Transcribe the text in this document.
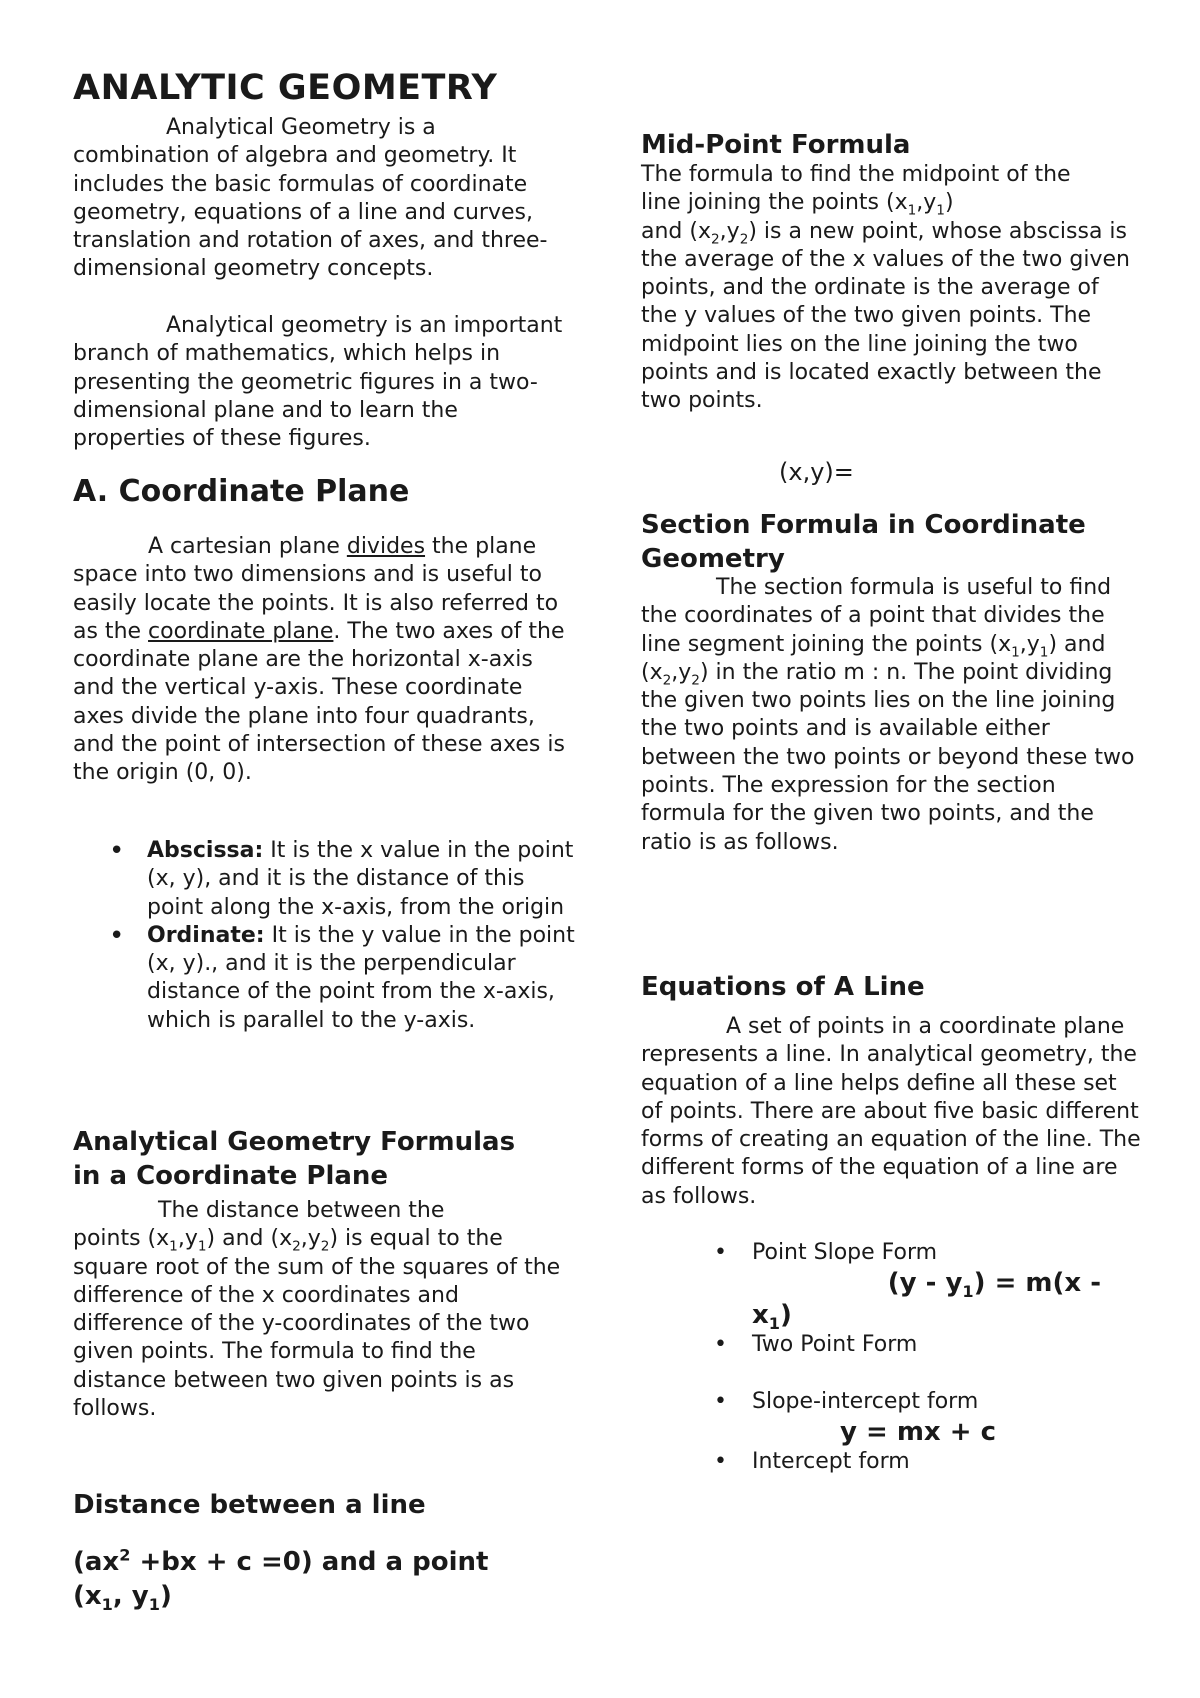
ANALYTIC GEOMETRY

Analytical Geometry is a combination of algebra and geometry. It includes the basic formulas of coordinate geometry, equations of a line and curves, translation and rotation of axes, and three-dimensional geometry concepts.

Analytical geometry is an important branch of mathematics, which helps in presenting the geometric figures in a two-dimensional plane and to learn the properties of these figures.

A. Coordinate Plane

A cartesian plane divides the plane space into two dimensions and is useful to easily locate the points. It is also referred to as the coordinate plane. The two axes of the coordinate plane are the horizontal x-axis and the vertical y-axis. These coordinate axes divide the plane into four quadrants, and the point of intersection of these axes is the origin (0, 0).

• Abscissa: It is the x value in the point (x, y), and it is the distance of this point along the x-axis, from the origin
• Ordinate: It is the y value in the point (x, y)., and it is the perpendicular distance of the point from the x-axis, which is parallel to the y-axis.
Analytical Geometry Formulas
in a Coordinate Plane

The distance between the

points $(x_1,y_1)$ and $(x_2,y_2)$ is equal to the square root of the sum of the squares of the difference of the x coordinates and difference of the y-coordinates of the two given points. The formula to find the distance between two given points is as follows.

Distance between a line
$(ax^2 +bx + c =0)$ and a point
($x_1$, $y_1$)
Mid-Point Formula

The formula to find the midpoint of the

line joining the points $(x_1,y_1)$

and $(x_2,y_2)$ is a new point, whose abscissa is the average of the x values of the two given points, and the ordinate is the average of the y values of the two given points. The midpoint lies on the line joining the two points and is located exactly between the two points.

(x,y)=
Section Formula in Coordinate
Geometry

The section formula is useful to find the coordinates of a point that divides the line segment joining the points $(x_1,y_1)$ and $(x_2,y_2)$ in the ratio m : n. The point dividing the given two points lies on the line joining the two points and is available either between the two points or beyond these two points. The expression for the section formula for the given two points, and the ratio is as follows.

Equations of A Line

A set of points in a coordinate plane represents a line. In analytical geometry, the equation of a line helps define all these set of points. There are about five basic different forms of creating an equation of the line. The different forms of the equation of a line are as follows.

• Point Slope Form
$(y - y_1) = m(x$ -
$x_1$)
• Two Point Form
• Slope-intercept form
y = mx + c
• Intercept form
